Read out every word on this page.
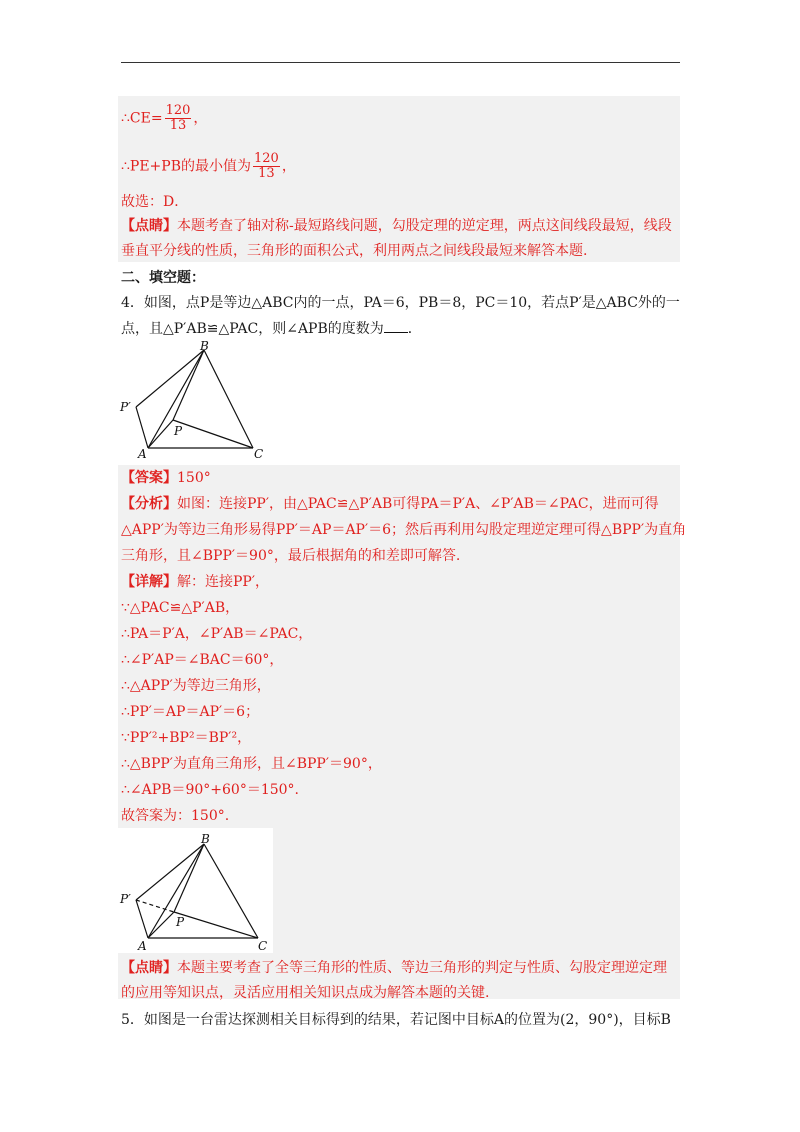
∴CE= $\frac{120}{13}$ ，
∴PE+PB的最小值为 $\frac{120}{13}$ ，
故选：D．
【点睛】本题考查了轴对称-最短路线问题，勾股定理的逆定理，两点这间线段最短，线段
垂直平分线的性质，三角形的面积公式，利用两点之间线段最短来解答本题.
二、填空题：
4．如图，点P是等边△ABC内的一点，PA＝6，PB＝8，PC＝10，若点P′是△ABC外的一
点，且△P′AB≌△PAC，则∠APB的度数为 ．
B
P′
P
A	C
【答案】150°
【分析】如图：连接PP′，由△PAC≌△P′AB可得PA＝P′A、∠P′AB＝∠PAC，进而可得
△APP′为等边三角形易得PP′＝AP＝AP′＝6；然后再利用勾股定理逆定理可得△BPP′为直角
三角形，且∠BPP′＝90°，最后根据角的和差即可解答.
【详解】解：连接PP′，
∵△PAC≌△P′AB，
∴PA＝P′A，∠P′AB＝∠PAC，
∴∠P′AP＝∠BAC＝60°，
∴△APP′为等边三角形，
∴PP′＝AP＝AP′＝6；
∵PP′²+BP²＝BP′²，
∴△BPP′为直角三角形，且∠BPP′＝90°，
∴∠APB＝90°+60°＝150°.
故答案为：150°.
B
P′
P
A	C
【点睛】本题主要考查了全等三角形的性质、等边三角形的判定与性质、勾股定理逆定理
的应用等知识点，灵活应用相关知识点成为解答本题的关键.
5．如图是一台雷达探测相关目标得到的结果，若记图中目标A的位置为(2，90°)，目标B
